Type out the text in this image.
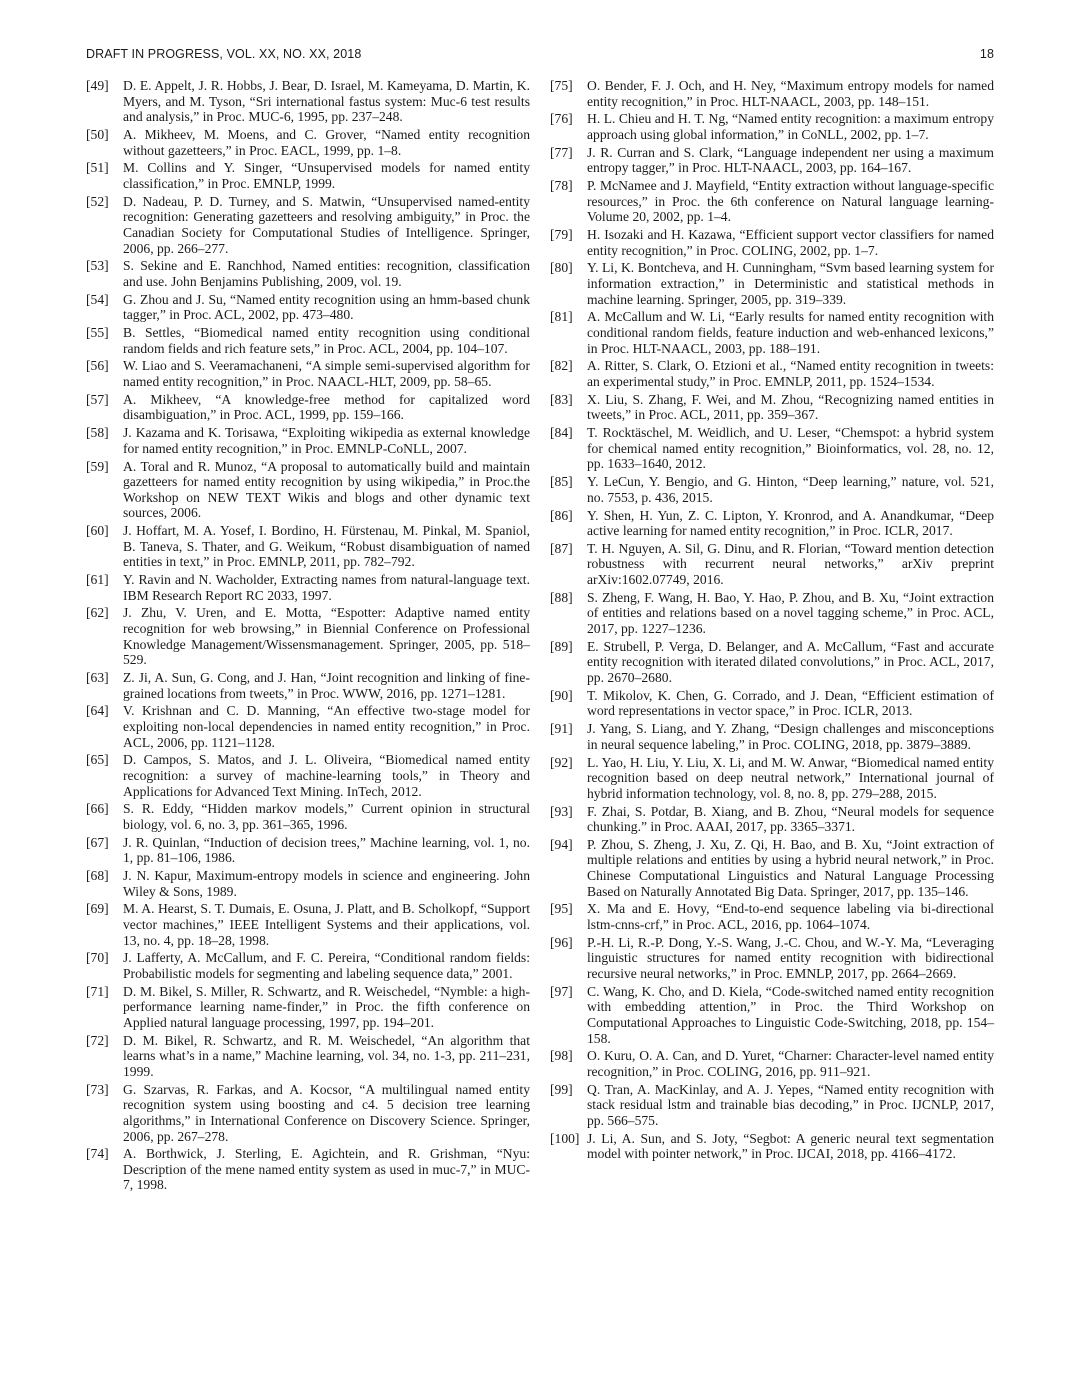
DRAFT IN PROGRESS, VOL. XX, NO. XX, 2018	18
[49] D. E. Appelt, J. R. Hobbs, J. Bear, D. Israel, M. Kameyama, D. Martin, K. Myers, and M. Tyson, “Sri international fastus system: Muc-6 test results and analysis,” in Proc. MUC-6, 1995, pp. 237–248.
[50] A. Mikheev, M. Moens, and C. Grover, “Named entity recognition without gazetteers,” in Proc. EACL, 1999, pp. 1–8.
[51] M. Collins and Y. Singer, “Unsupervised models for named entity classification,” in Proc. EMNLP, 1999.
[52] D. Nadeau, P. D. Turney, and S. Matwin, “Unsupervised named-entity recognition: Generating gazetteers and resolving ambiguity,” in Proc. the Canadian Society for Computational Studies of Intelligence. Springer, 2006, pp. 266–277.
[53] S. Sekine and E. Ranchhod, Named entities: recognition, classification and use. John Benjamins Publishing, 2009, vol. 19.
[54] G. Zhou and J. Su, “Named entity recognition using an hmm-based chunk tagger,” in Proc. ACL, 2002, pp. 473–480.
[55] B. Settles, “Biomedical named entity recognition using conditional random fields and rich feature sets,” in Proc. ACL, 2004, pp. 104–107.
[56] W. Liao and S. Veeramachaneni, “A simple semi-supervised algorithm for named entity recognition,” in Proc. NAACL-HLT, 2009, pp. 58–65.
[57] A. Mikheev, “A knowledge-free method for capitalized word disambiguation,” in Proc. ACL, 1999, pp. 159–166.
[58] J. Kazama and K. Torisawa, “Exploiting wikipedia as external knowledge for named entity recognition,” in Proc. EMNLP-CoNLL, 2007.
[59] A. Toral and R. Munoz, “A proposal to automatically build and maintain gazetteers for named entity recognition by using wikipedia,” in Proc.the Workshop on NEW TEXT Wikis and blogs and other dynamic text sources, 2006.
[60] J. Hoffart, M. A. Yosef, I. Bordino, H. Fürstenau, M. Pinkal, M. Spaniol, B. Taneva, S. Thater, and G. Weikum, “Robust disambiguation of named entities in text,” in Proc. EMNLP, 2011, pp. 782–792.
[61] Y. Ravin and N. Wacholder, Extracting names from natural-language text. IBM Research Report RC 2033, 1997.
[62] J. Zhu, V. Uren, and E. Motta, “Espotter: Adaptive named entity recognition for web browsing,” in Biennial Conference on Professional Knowledge Management/Wissensmanagement. Springer, 2005, pp. 518–529.
[63] Z. Ji, A. Sun, G. Cong, and J. Han, “Joint recognition and linking of fine-grained locations from tweets,” in Proc. WWW, 2016, pp. 1271–1281.
[64] V. Krishnan and C. D. Manning, “An effective two-stage model for exploiting non-local dependencies in named entity recognition,” in Proc. ACL, 2006, pp. 1121–1128.
[65] D. Campos, S. Matos, and J. L. Oliveira, “Biomedical named entity recognition: a survey of machine-learning tools,” in Theory and Applications for Advanced Text Mining. InTech, 2012.
[66] S. R. Eddy, “Hidden markov models,” Current opinion in structural biology, vol. 6, no. 3, pp. 361–365, 1996.
[67] J. R. Quinlan, “Induction of decision trees,” Machine learning, vol. 1, no. 1, pp. 81–106, 1986.
[68] J. N. Kapur, Maximum-entropy models in science and engineering. John Wiley & Sons, 1989.
[69] M. A. Hearst, S. T. Dumais, E. Osuna, J. Platt, and B. Scholkopf, “Support vector machines,” IEEE Intelligent Systems and their applications, vol. 13, no. 4, pp. 18–28, 1998.
[70] J. Lafferty, A. McCallum, and F. C. Pereira, “Conditional random fields: Probabilistic models for segmenting and labeling sequence data,” 2001.
[71] D. M. Bikel, S. Miller, R. Schwartz, and R. Weischedel, “Nymble: a high-performance learning name-finder,” in Proc. the fifth conference on Applied natural language processing, 1997, pp. 194–201.
[72] D. M. Bikel, R. Schwartz, and R. M. Weischedel, “An algorithm that learns what’s in a name,” Machine learning, vol. 34, no. 1-3, pp. 211–231, 1999.
[73] G. Szarvas, R. Farkas, and A. Kocsor, “A multilingual named entity recognition system using boosting and c4. 5 decision tree learning algorithms,” in International Conference on Discovery Science. Springer, 2006, pp. 267–278.
[74] A. Borthwick, J. Sterling, E. Agichtein, and R. Grishman, “Nyu: Description of the mene named entity system as used in muc-7,” in MUC-7, 1998.
[75] O. Bender, F. J. Och, and H. Ney, “Maximum entropy models for named entity recognition,” in Proc. HLT-NAACL, 2003, pp. 148–151.
[76] H. L. Chieu and H. T. Ng, “Named entity recognition: a maximum entropy approach using global information,” in CoNLL, 2002, pp. 1–7.
[77] J. R. Curran and S. Clark, “Language independent ner using a maximum entropy tagger,” in Proc. HLT-NAACL, 2003, pp. 164–167.
[78] P. McNamee and J. Mayfield, “Entity extraction without language-specific resources,” in Proc. the 6th conference on Natural language learning-Volume 20, 2002, pp. 1–4.
[79] H. Isozaki and H. Kazawa, “Efficient support vector classifiers for named entity recognition,” in Proc. COLING, 2002, pp. 1–7.
[80] Y. Li, K. Bontcheva, and H. Cunningham, “Svm based learning system for information extraction,” in Deterministic and statistical methods in machine learning. Springer, 2005, pp. 319–339.
[81] A. McCallum and W. Li, “Early results for named entity recognition with conditional random fields, feature induction and web-enhanced lexicons,” in Proc. HLT-NAACL, 2003, pp. 188–191.
[82] A. Ritter, S. Clark, O. Etzioni et al., “Named entity recognition in tweets: an experimental study,” in Proc. EMNLP, 2011, pp. 1524–1534.
[83] X. Liu, S. Zhang, F. Wei, and M. Zhou, “Recognizing named entities in tweets,” in Proc. ACL, 2011, pp. 359–367.
[84] T. Rocktäschel, M. Weidlich, and U. Leser, “Chemspot: a hybrid system for chemical named entity recognition,” Bioinformatics, vol. 28, no. 12, pp. 1633–1640, 2012.
[85] Y. LeCun, Y. Bengio, and G. Hinton, “Deep learning,” nature, vol. 521, no. 7553, p. 436, 2015.
[86] Y. Shen, H. Yun, Z. C. Lipton, Y. Kronrod, and A. Anandkumar, “Deep active learning for named entity recognition,” in Proc. ICLR, 2017.
[87] T. H. Nguyen, A. Sil, G. Dinu, and R. Florian, “Toward mention detection robustness with recurrent neural networks,” arXiv preprint arXiv:1602.07749, 2016.
[88] S. Zheng, F. Wang, H. Bao, Y. Hao, P. Zhou, and B. Xu, “Joint extraction of entities and relations based on a novel tagging scheme,” in Proc. ACL, 2017, pp. 1227–1236.
[89] E. Strubell, P. Verga, D. Belanger, and A. McCallum, “Fast and accurate entity recognition with iterated dilated convolutions,” in Proc. ACL, 2017, pp. 2670–2680.
[90] T. Mikolov, K. Chen, G. Corrado, and J. Dean, “Efficient estimation of word representations in vector space,” in Proc. ICLR, 2013.
[91] J. Yang, S. Liang, and Y. Zhang, “Design challenges and misconceptions in neural sequence labeling,” in Proc. COLING, 2018, pp. 3879–3889.
[92] L. Yao, H. Liu, Y. Liu, X. Li, and M. W. Anwar, “Biomedical named entity recognition based on deep neutral network,” International journal of hybrid information technology, vol. 8, no. 8, pp. 279–288, 2015.
[93] F. Zhai, S. Potdar, B. Xiang, and B. Zhou, “Neural models for sequence chunking.” in Proc. AAAI, 2017, pp. 3365–3371.
[94] P. Zhou, S. Zheng, J. Xu, Z. Qi, H. Bao, and B. Xu, “Joint extraction of multiple relations and entities by using a hybrid neural network,” in Proc. Chinese Computational Linguistics and Natural Language Processing Based on Naturally Annotated Big Data. Springer, 2017, pp. 135–146.
[95] X. Ma and E. Hovy, “End-to-end sequence labeling via bi-directional lstm-cnns-crf,” in Proc. ACL, 2016, pp. 1064–1074.
[96] P.-H. Li, R.-P. Dong, Y.-S. Wang, J.-C. Chou, and W.-Y. Ma, “Leveraging linguistic structures for named entity recognition with bidirectional recursive neural networks,” in Proc. EMNLP, 2017, pp. 2664–2669.
[97] C. Wang, K. Cho, and D. Kiela, “Code-switched named entity recognition with embedding attention,” in Proc. the Third Workshop on Computational Approaches to Linguistic Code-Switching, 2018, pp. 154–158.
[98] O. Kuru, O. A. Can, and D. Yuret, “Charner: Character-level named entity recognition,” in Proc. COLING, 2016, pp. 911–921.
[99] Q. Tran, A. MacKinlay, and A. J. Yepes, “Named entity recognition with stack residual lstm and trainable bias decoding,” in Proc. IJCNLP, 2017, pp. 566–575.
[100] J. Li, A. Sun, and S. Joty, “Segbot: A generic neural text segmentation model with pointer network,” in Proc. IJCAI, 2018, pp. 4166–4172.
